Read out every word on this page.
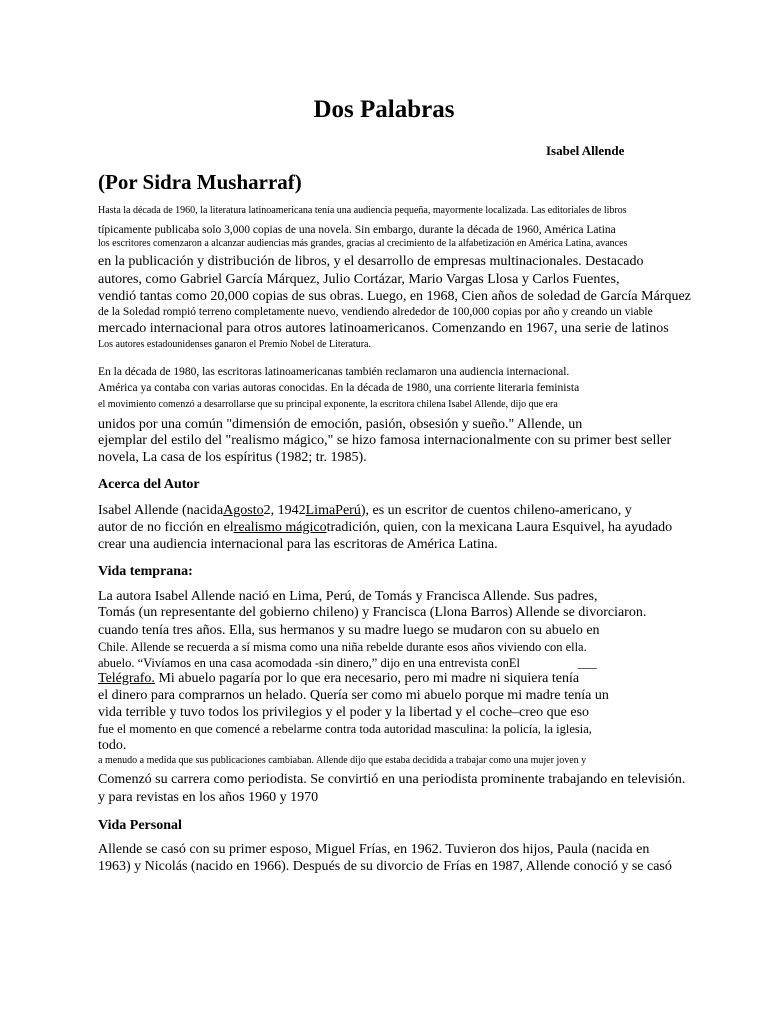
Dos Palabras
Isabel Allende
(Por Sidra Musharraf)
Hasta la década de 1960, la literatura latinoamericana tenía una audiencia pequeña, mayormente localizada. Las editoriales de libros
típicamente publicaba solo 3,000 copias de una novela. Sin embargo, durante la década de 1960, América Latina
los escritores comenzaron a alcanzar audiencias más grandes, gracias al crecimiento de la alfabetización en América Latina, avances
en la publicación y distribución de libros, y el desarrollo de empresas multinacionales. Destacado
autores, como Gabriel García Márquez, Julio Cortázar, Mario Vargas Llosa y Carlos Fuentes,
vendió tantas como 20,000 copias de sus obras. Luego, en 1968, Cien años de soledad de García Márquez
de la Soledad rompió terreno completamente nuevo, vendiendo alrededor de 100,000 copias por año y creando un viable
mercado internacional para otros autores latinoamericanos. Comenzando en 1967, una serie de latinos
Los autores estadounidenses ganaron el Premio Nobel de Literatura.
En la década de 1980, las escritoras latinoamericanas también reclamaron una audiencia internacional.
América ya contaba con varias autoras conocidas. En la década de 1980, una corriente literaria feminista
el movimiento comenzó a desarrollarse que su principal exponente, la escritora chilena Isabel Allende, dijo que era
unidos por una común "dimensión de emoción, pasión, obsesión y sueño." Allende, un
ejemplar del estilo del "realismo mágico," se hizo famosa internacionalmente con su primer best seller
novela, La casa de los espíritus (1982; tr. 1985).
Acerca del Autor
Isabel Allende (nacidaAgosto2, 1942LimaPerú), es un escritor de cuentos chileno-americano, y
autor de no ficción en elrealismo mágicotradición, quien, con la mexicana Laura Esquivel, ha ayudado
crear una audiencia internacional para las escritoras de América Latina.
Vida temprana:
La autora Isabel Allende nació en Lima, Perú, de Tomás y Francisca Allende. Sus padres,
Tomás (un representante del gobierno chileno) y Francisca (Llona Barros) Allende se divorciaron.
cuando tenía tres años. Ella, sus hermanos y su madre luego se mudaron con su abuelo en
Chile. Allende se recuerda a sí misma como una niña rebelde durante esos años viviendo con ella.
abuelo. “Vivíamos en una casa acomodada -sin dinero,” dijo en una entrevista conEl	___
Telégrafo. Mi abuelo pagaría por lo que era necesario, pero mi madre ni siquiera tenía
el dinero para comprarnos un helado. Quería ser como mi abuelo porque mi madre tenía un
vida terrible y tuvo todos los privilegios y el poder y la libertad y el coche–creo que eso
fue el momento en que comencé a rebelarme contra toda autoridad masculina: la policía, la iglesia,
todo.
a menudo a medida que sus publicaciones cambiaban. Allende dijo que estaba decidida a trabajar como una mujer joven y
Comenzó su carrera como periodista. Se convirtió en una periodista prominente trabajando en televisión.
y para revistas en los años 1960 y 1970
Vida Personal
Allende se casó con su primer esposo, Miguel Frías, en 1962. Tuvieron dos hijos, Paula (nacida en
1963) y Nicolás (nacido en 1966). Después de su divorcio de Frías en 1987, Allende conoció y se casó
